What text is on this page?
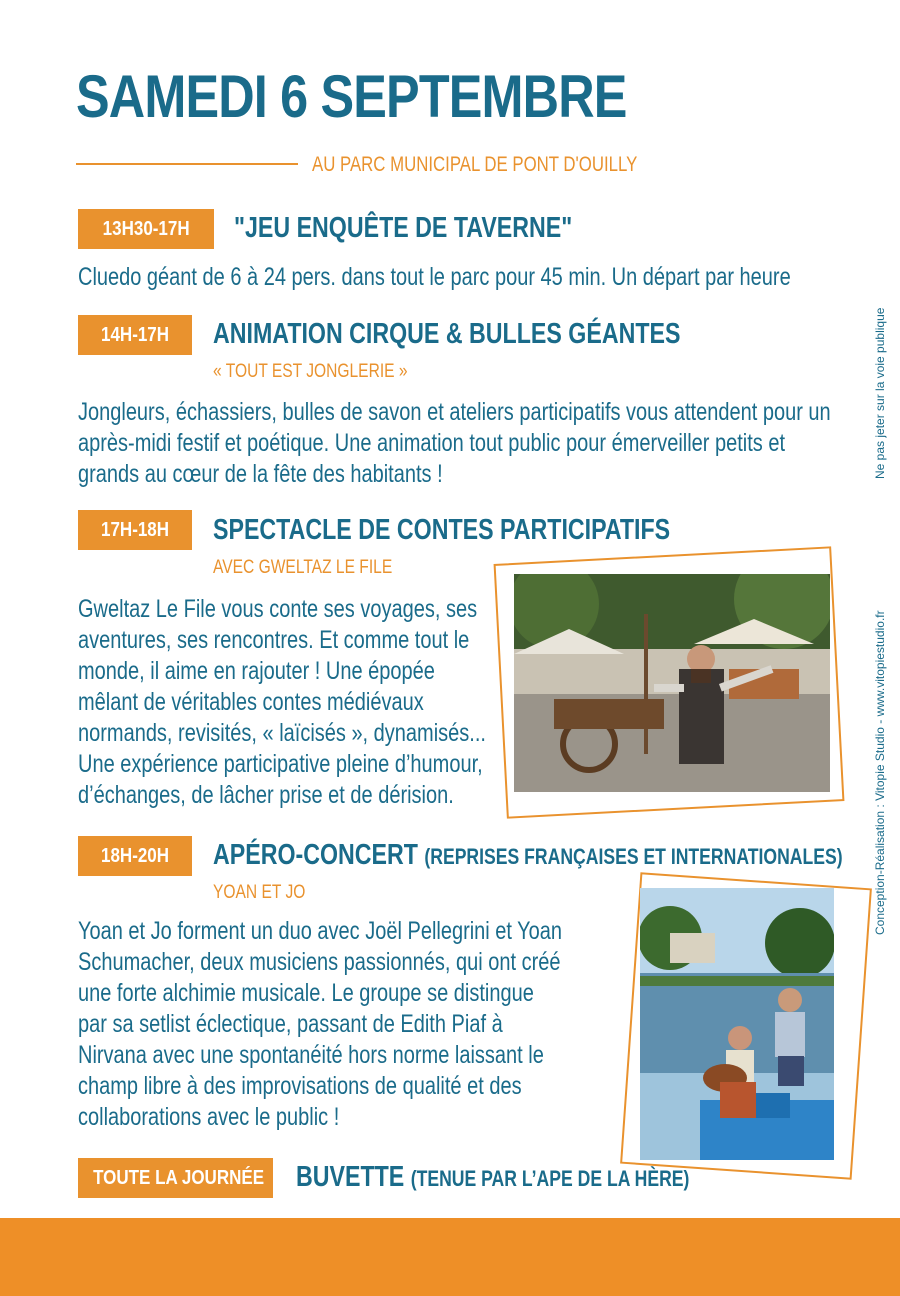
SAMEDI 6 SEPTEMBRE
AU PARC MUNICIPAL DE PONT D'OUILLY
13H30-17H	"JEU ENQUÊTE DE TAVERNE"

Cluedo géant de 6 à 24 pers. dans tout le parc pour 45 min. Un départ par heure

14H-17H	ANIMATION CIRQUE & BULLES GÉANTES
« TOUT EST JONGLERIE »

Jongleurs, échassiers, bulles de savon et ateliers participatifs vous attendent pour un

après-midi festif et poétique. Une animation tout public pour émerveiller petits et

grands au cœur de la fête des habitants !

17H-18H	SPECTACLE DE CONTES PARTICIPATIFS
AVEC GWELTAZ LE FILE

Gweltaz Le File vous conte ses voyages, ses

aventures, ses rencontres. Et comme tout le

monde, il aime en rajouter ! Une épopée

mêlant de véritables contes médiévaux

normands, revisités, « laïcisés », dynamisés...

Une expérience participative pleine d’humour,

d’échanges, de lâcher prise et de dérision.

18H-20H	APÉRO-CONCERT (REPRISES FRANÇAISES ET INTERNATIONALES)
YOAN ET JO

Yoan et Jo forment un duo avec Joël Pellegrini et Yoan

Schumacher, deux musiciens passionnés, qui ont créé

une forte alchimie musicale. Le groupe se distingue

par sa setlist éclectique, passant de Edith Piaf à

Nirvana avec une spontanéité hors norme laissant le

champ libre à des improvisations de qualité et des

collaborations avec le public !

TOUTE LA JOURNÉE	BUVETTE (TENUE PAR L’APE DE LA HÈRE)
Ne pas jeter sur la voie publique
Conception-Réalisation : Vitopie Studio - www.vitopiestudio.fr
